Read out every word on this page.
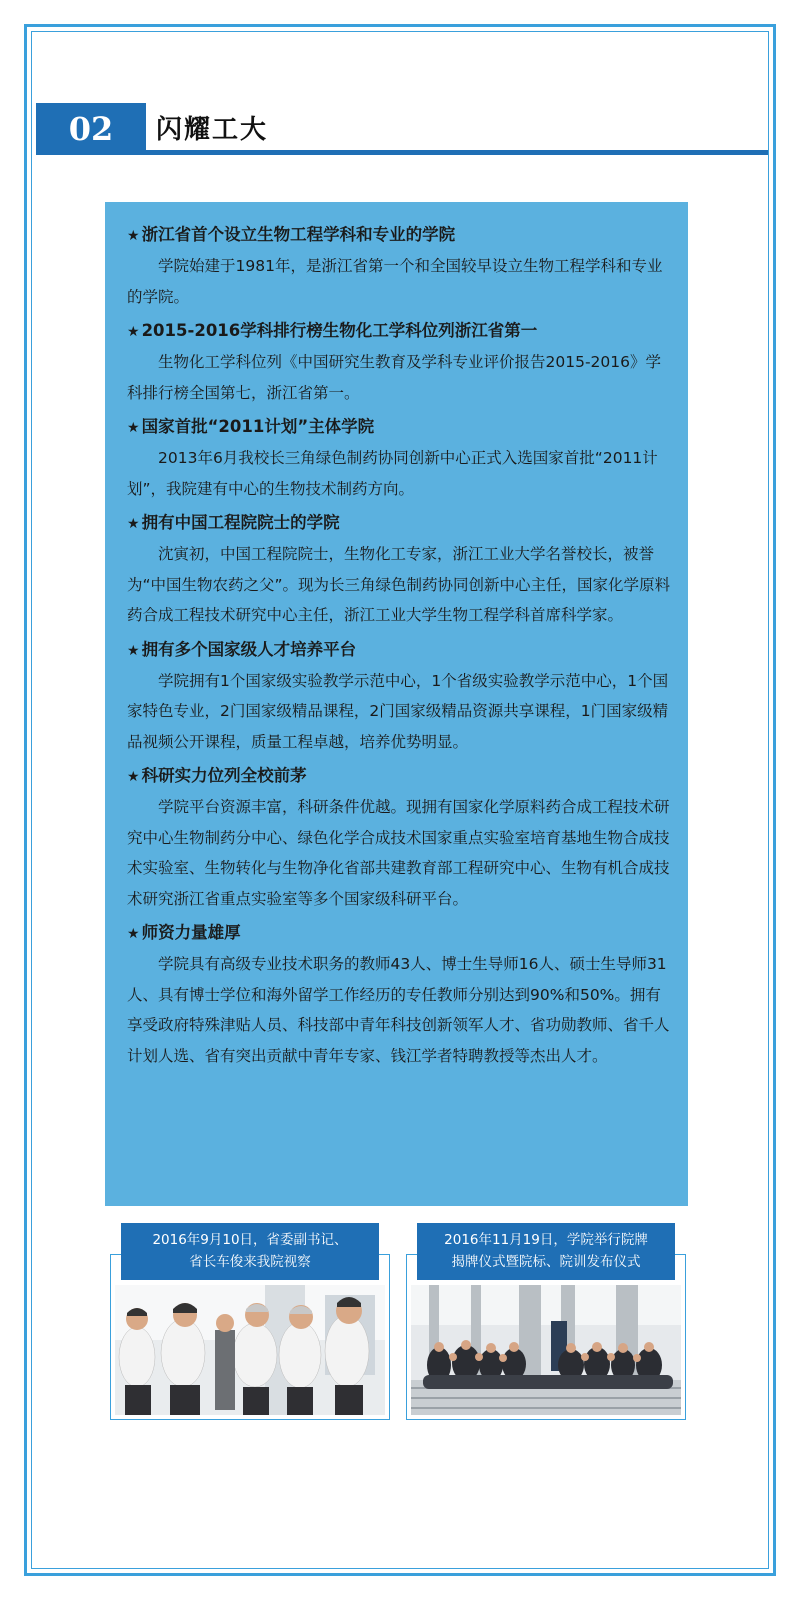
02	闪耀工大

★ 浙江省首个设立生物工程学科和专业的学院

学院始建于1981年，是浙江省第一个和全国较早设立生物工程学科和专业的学院。

★ 2015-2016学科排行榜生物化工学科位列浙江省第一

生物化工学科位列《中国研究生教育及学科专业评价报告2015-2016》学科排行榜全国第七，浙江省第一。

★ 国家首批“2011计划”主体学院

2013年6月我校长三角绿色制药协同创新中心正式入选国家首批“2011计划”，我院建有中心的生物技术制药方向。

★ 拥有中国工程院院士的学院

沈寅初，中国工程院院士，生物化工专家，浙江工业大学名誉校长，被誉为“中国生物农药之父”。现为长三角绿色制药协同创新中心主任，国家化学原料药合成工程技术研究中心主任，浙江工业大学生物工程学科首席科学家。

★ 拥有多个国家级人才培养平台

学院拥有1个国家级实验教学示范中心，1个省级实验教学示范中心，1个国家特色专业，2门国家级精品课程，2门国家级精品资源共享课程，1门国家级精品视频公开课程，质量工程卓越，培养优势明显。

★ 科研实力位列全校前茅

学院平台资源丰富，科研条件优越。现拥有国家化学原料药合成工程技术研究中心生物制药分中心、绿色化学合成技术国家重点实验室培育基地生物合成技术实验室、生物转化与生物净化省部共建教育部工程研究中心、生物有机合成技术研究浙江省重点实验室等多个国家级科研平台。

★ 师资力量雄厚

学院具有高级专业技术职务的教师43人、博士生导师16人、硕士生导师31人、具有博士学位和海外留学工作经历的专任教师分别达到90%和50%。拥有享受政府特殊津贴人员、科技部中青年科技创新领军人才、省功勋教师、省千人计划人选、省有突出贡献中青年专家、钱江学者特聘教授等杰出人才。

2016年9月10日，省委副书记、
省长车俊来我院视察
2016年11月19日，学院举行院牌
揭牌仪式暨院标、院训发布仪式
